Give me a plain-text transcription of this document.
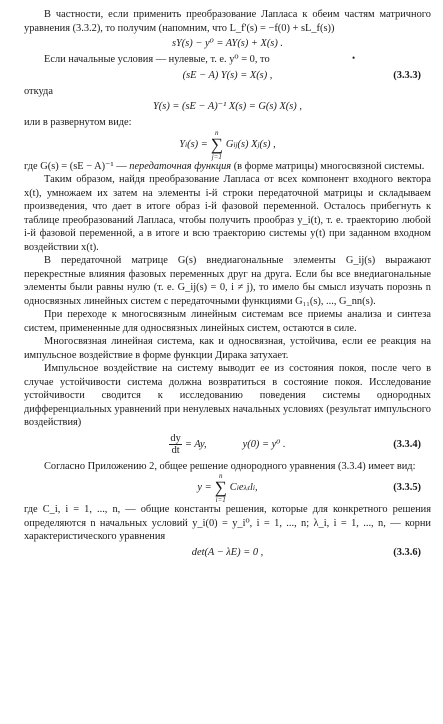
•

В частности, если применить преобразование Лапласа к обеим частям матричного уравнения (3.3.2), то получим (напомним, что L_f'(s) = −f(0) + sL_f(s))

sY(s) − y⁰ = AY(s) + X(s) .

Если начальные условия — нулевые, т. е. y⁰ = 0, то

(sE − A) Y(s) = X(s) ,	(3.3.3)

откуда

Y(s) = (sE − A)⁻¹ X(s) = G(s) X(s) ,

или в развернутом виде:

Y i (s) =
n
∑
j=1
G ij (s) X j (s) ,

где G(s) = (sE − A)⁻¹ — передаточная функция (в форме матрицы) многосвязной системы.

Таким образом, найдя преобразование Лапласа от всех компонент входного вектора x(t), умножаем их затем на элементы i-й строки передаточной матрицы и складываем произведения, что дает в итоге образ i-й фазовой переменной. Осталось прибегнуть к таблице преобразований Лапласа, чтобы получить прообраз y_i(t), т. е. траекторию любой i-й фазовой переменной, а в итоге и всю траекторию системы y(t) при заданном входном воздействии x(t).

В передаточной матрице G(s) внедиагональные элементы G_ij(s) выражают перекрестные влияния фазовых переменных друг на друга. Если бы все внедиагональные элементы были равны нулю (т. е. G_ij(s) = 0, i ≠ j), то имело бы смысл изучать порознь n односвязных линейных систем с передаточными функциями G₁₁(s), ..., G_nn(s).

При переходе к многосвязным линейным системам все приемы анализа и синтеза систем, примененные для односвязных линейных систем, остаются в силе.

Многосвязная линейная система, как и односвязная, устойчива, если ее реакция на импульсное воздействие в форме функции Дирака затухает.

Импульсное воздействие на систему выводит ее из состояния покоя, после чего в случае устойчивости система должна возвратиться в состояние покоя. Исследование устойчивости сводится к исследованию поведения системы однородных дифференциальных уравнений при ненулевых начальных условиях (результат импульсного воздействия)

$\frac{dy}{dt} = Ay$,	y(0) = y⁰ .	(3.3.4)

Согласно Приложению 2, общее решение однородного уравнения (3.3.4) имеет вид:

y =
n
∑
i=1
C i e λᵢt l i ,	(3.3.5)

где C_i, i = 1, ..., n, — общие константы решения, которые для конкретного решения определяются n начальных условий y_i(0) = y_i⁰, i = 1, ..., n; λ_i, i = 1, ..., n, — корни характеристического уравнения

det(A − λE) = 0 ,	(3.3.6)
